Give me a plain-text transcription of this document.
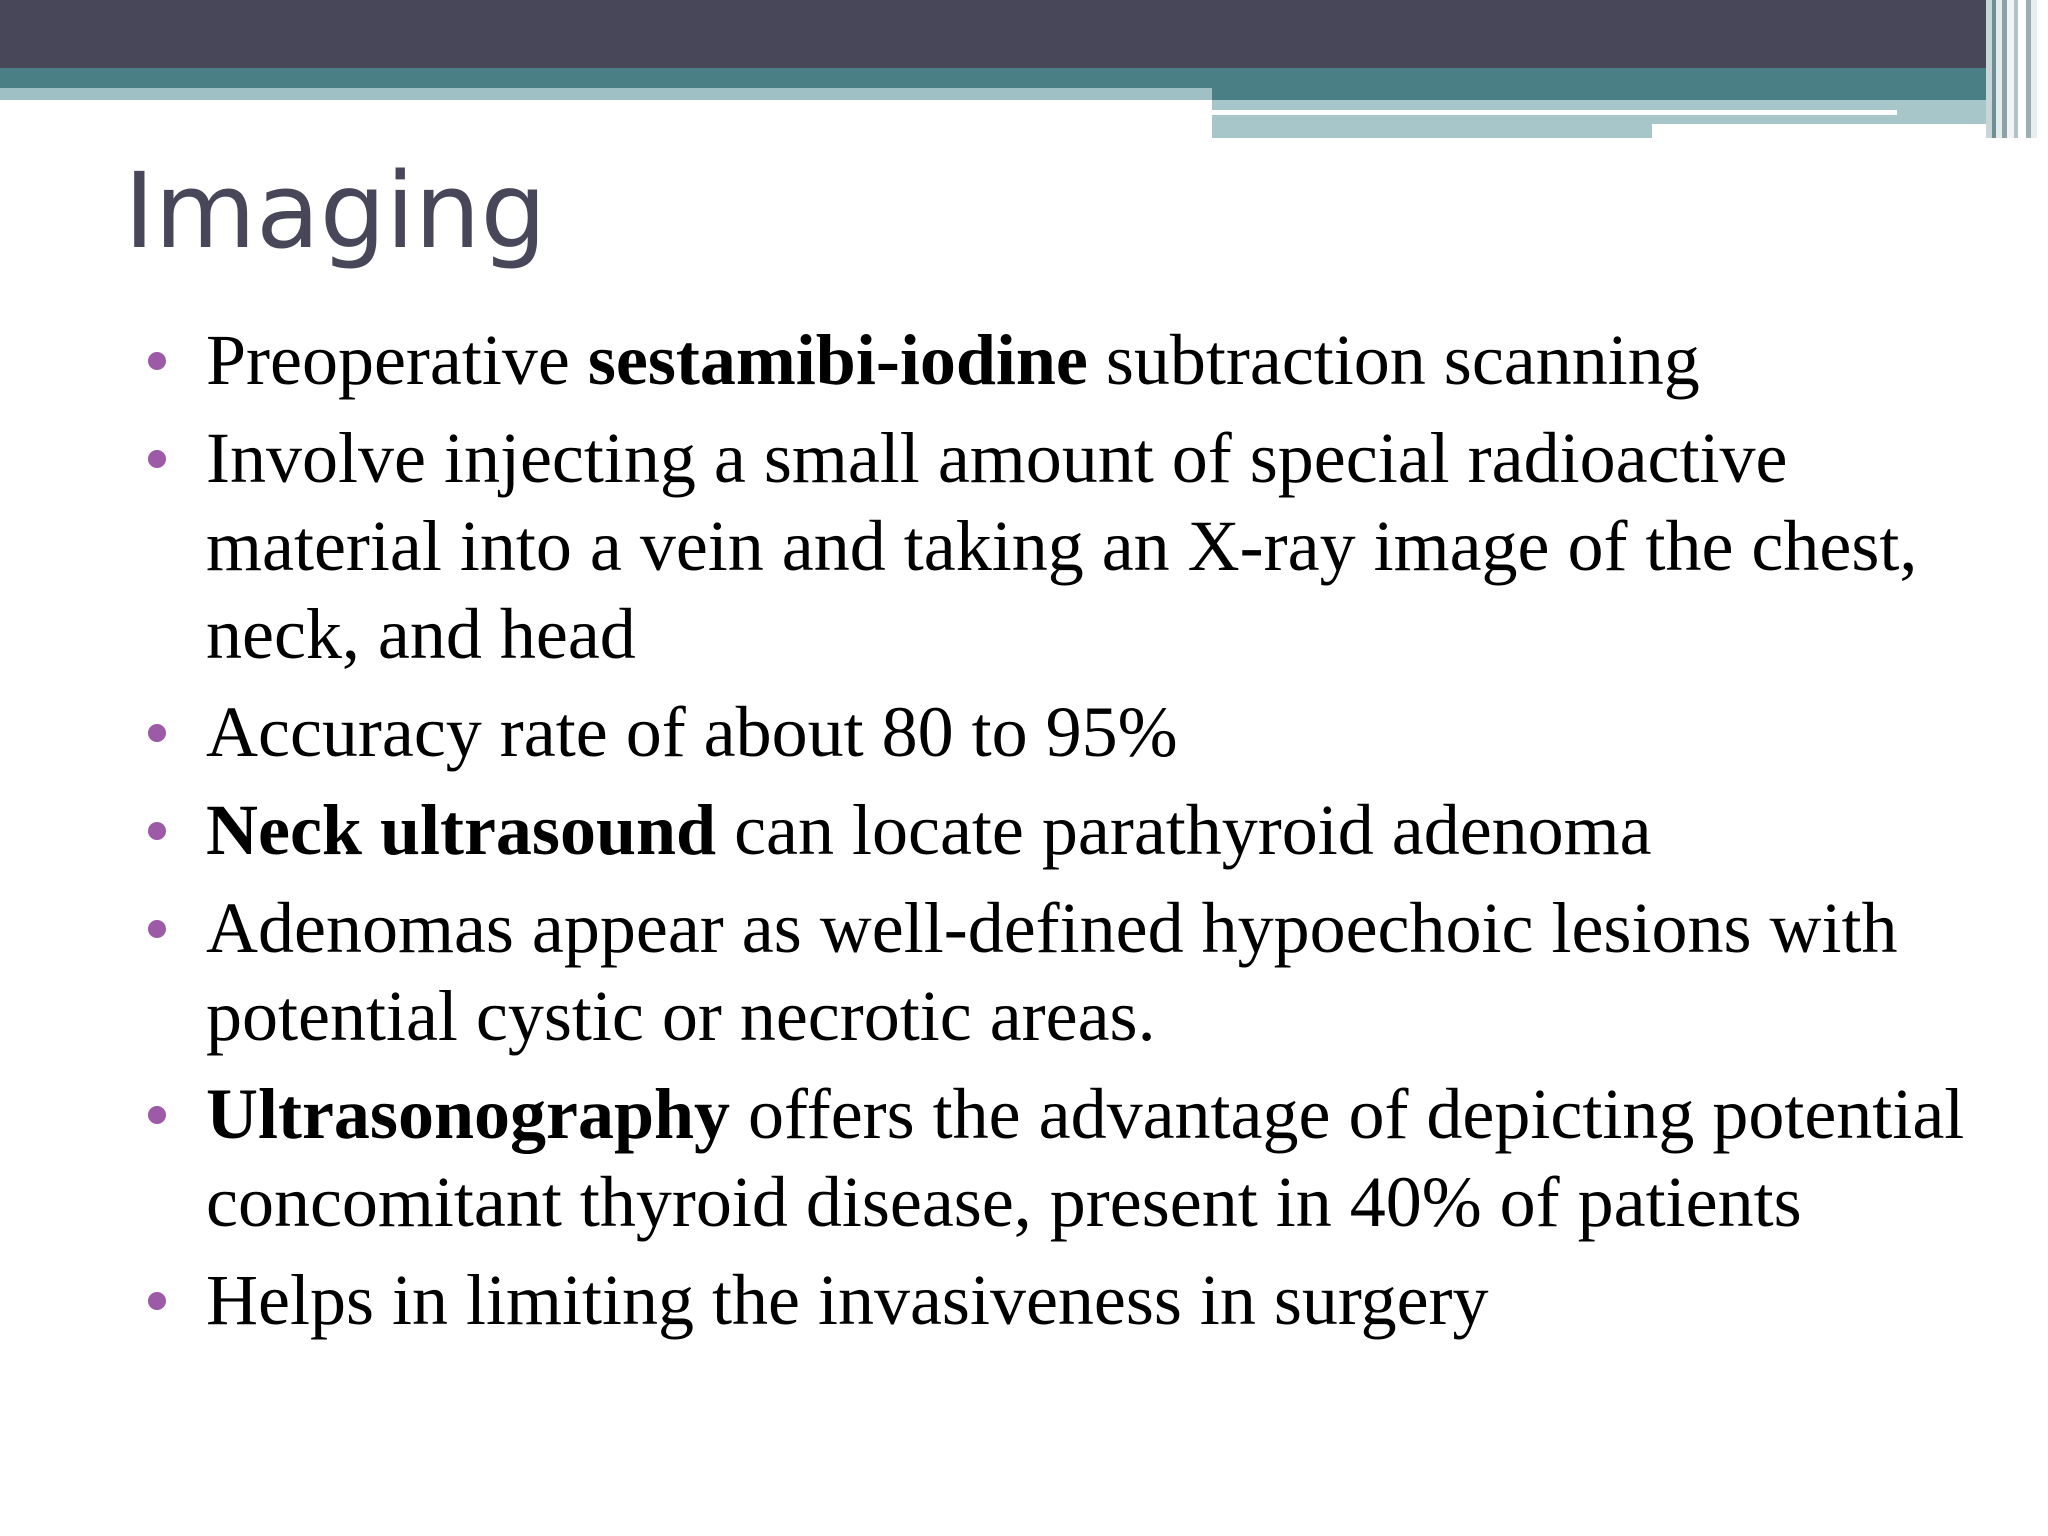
Imaging
Preoperative sestamibi-iodine subtraction scanning
Involve injecting a small amount of special radioactive material into a vein and taking an X-ray image of the chest, neck, and head
Accuracy rate of about 80 to 95%
Neck ultrasound can locate parathyroid adenoma
Adenomas appear as well-defined hypoechoic lesions with potential cystic or necrotic areas.
Ultrasonography offers the advantage of depicting potential concomitant thyroid disease, present in 40% of patients
Helps in limiting the invasiveness in surgery
